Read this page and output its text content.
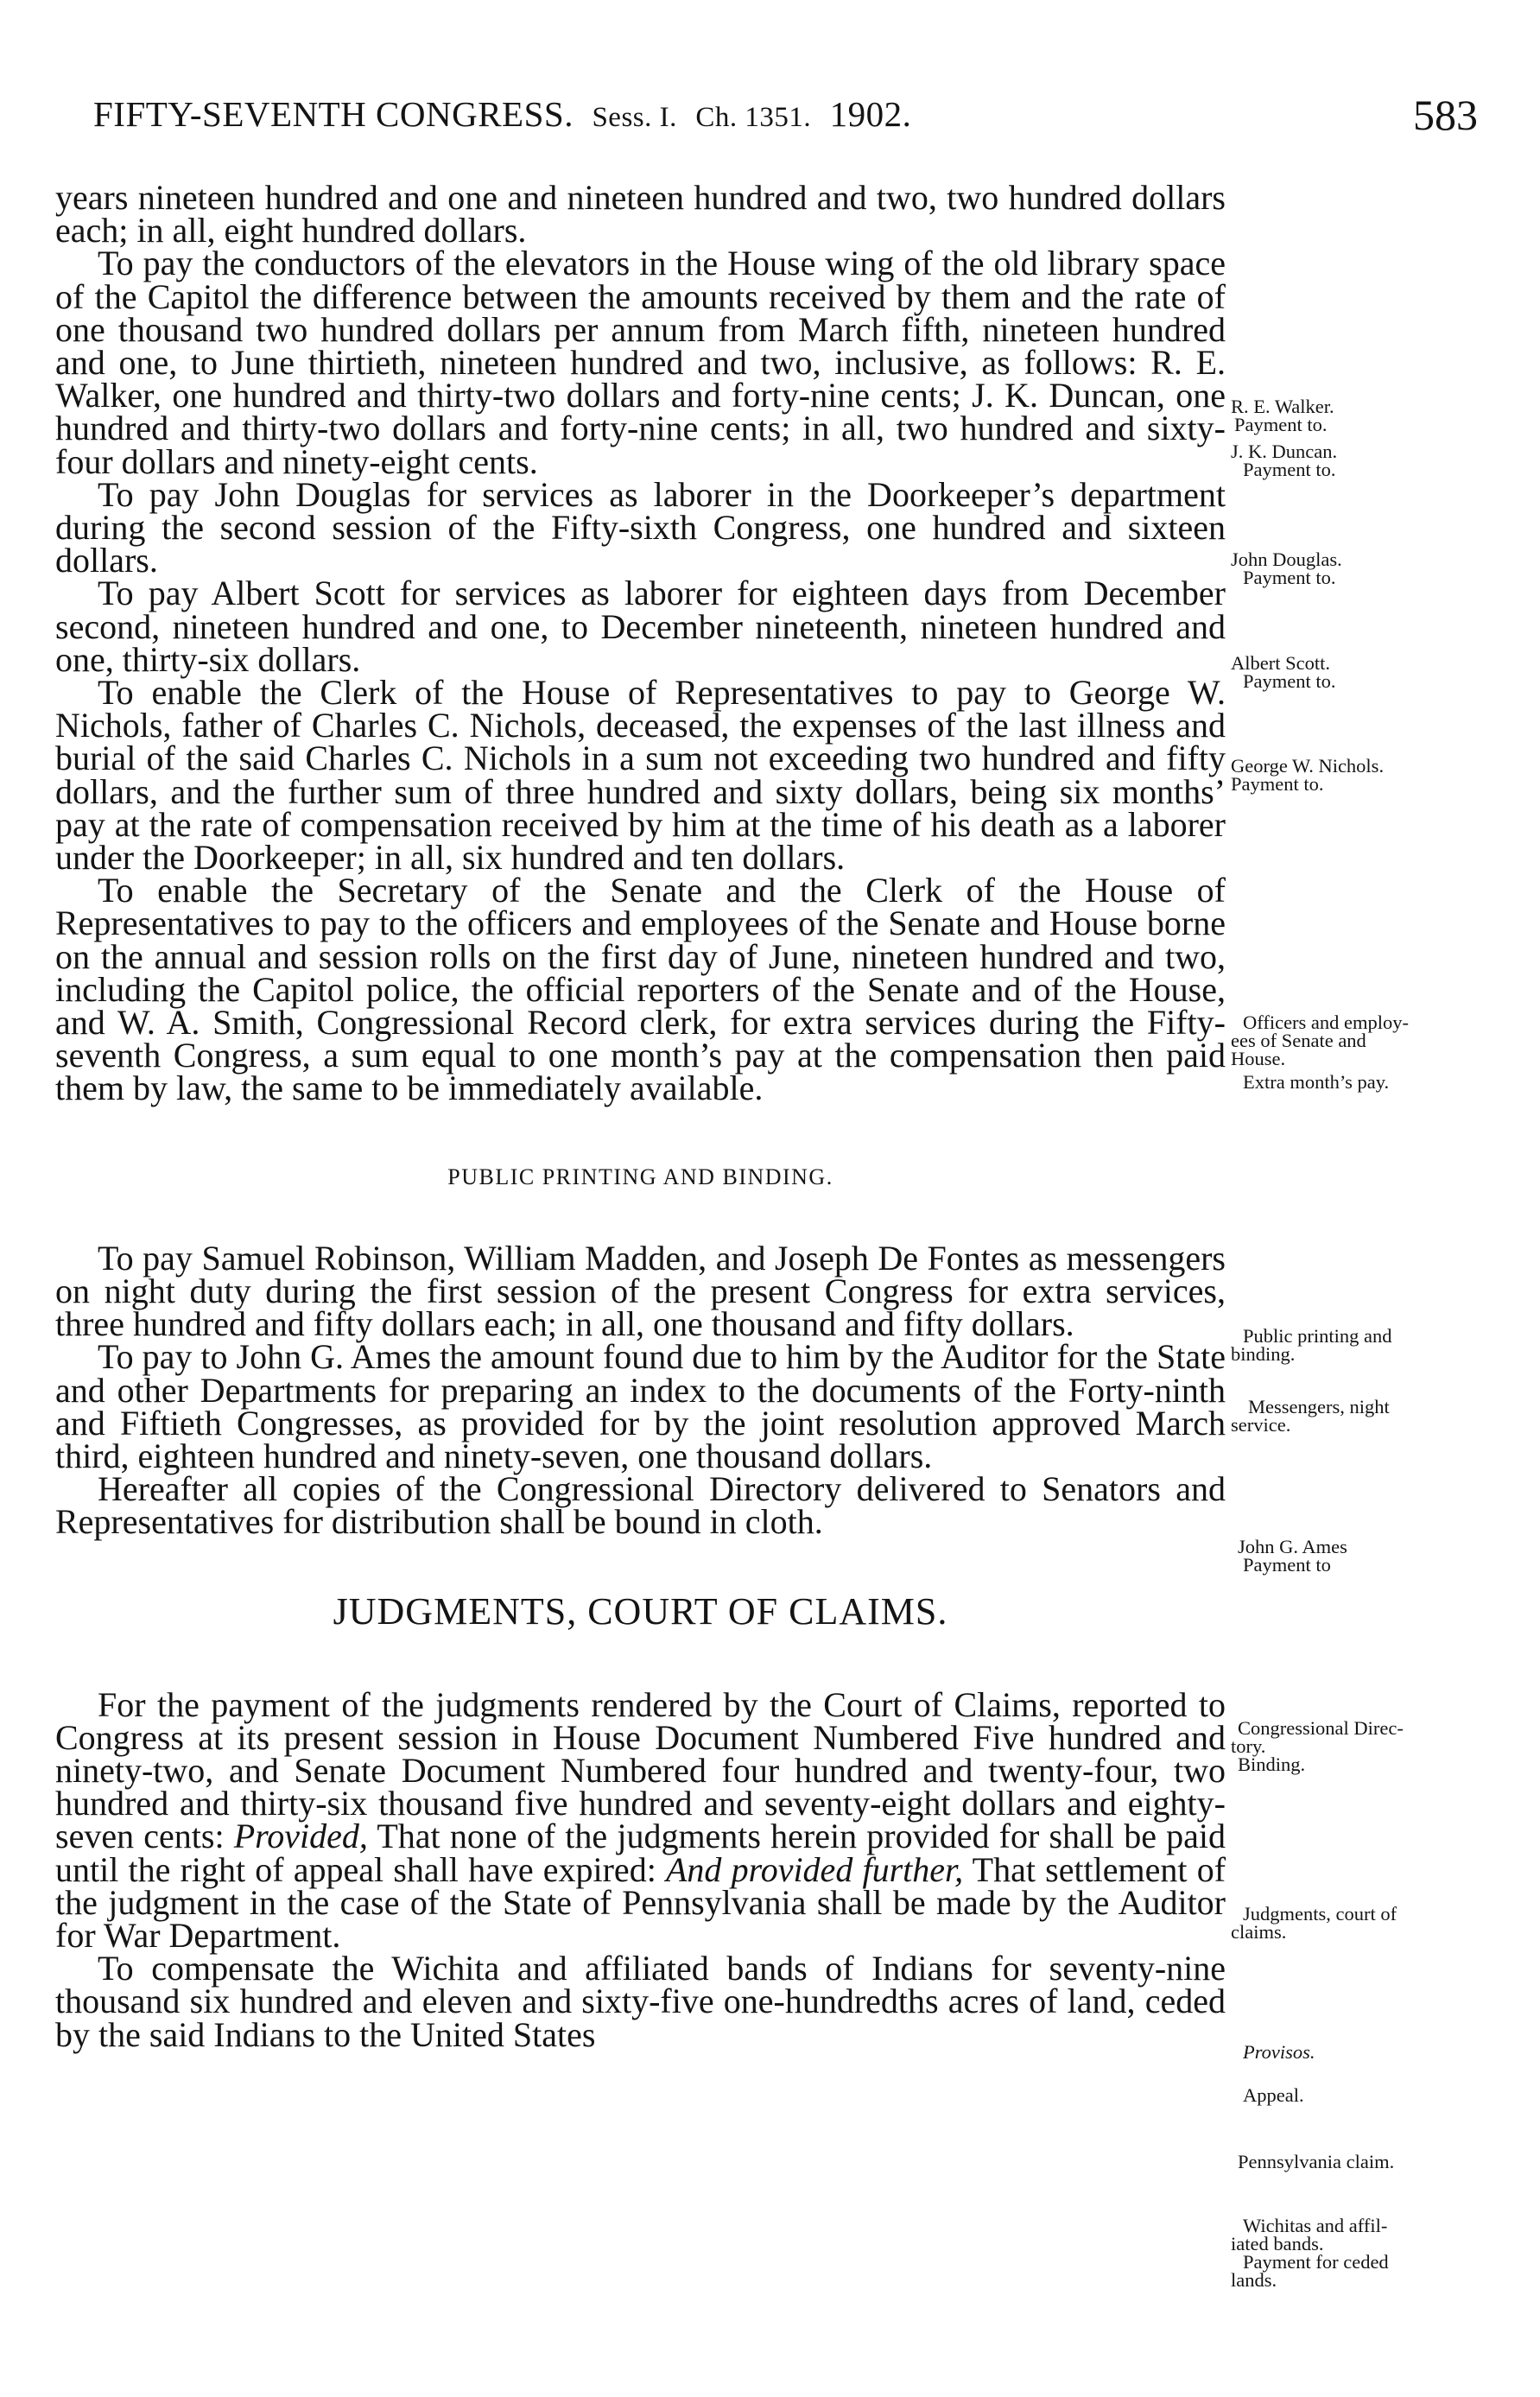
FIFTY-SEVENTH CONGRESS. Sess. I. Ch. 1351. 1902.	583

years nineteen hundred and one and nineteen hundred and two, two hundred dollars each; in all, eight hundred dollars.

To pay the conductors of the elevators in the House wing of the old library space of the Capitol the difference between the amounts received by them and the rate of one thousand two hundred dollars per annum from March fifth, nineteen hundred and one, to June thirtieth, nineteen hundred and two, inclusive, as follows: R. E. Walker, one hundred and thirty-two dollars and forty-nine cents; J. K. Duncan, one hundred and thirty-two dollars and forty-nine cents; in all, two hundred and sixty-four dollars and ninety-eight cents.

To pay John Douglas for services as laborer in the Doorkeeper’s department during the second session of the Fifty-sixth Congress, one hundred and sixteen dollars.

To pay Albert Scott for services as laborer for eighteen days from December second, nineteen hundred and one, to December nineteenth, nineteen hundred and one, thirty-six dollars.

To enable the Clerk of the House of Representatives to pay to George W. Nichols, father of Charles C. Nichols, deceased, the expenses of the last illness and burial of the said Charles C. Nichols in a sum not exceeding two hundred and fifty dollars, and the further sum of three hundred and sixty dollars, being six months’ pay at the rate of compensation received by him at the time of his death as a laborer under the Doorkeeper; in all, six hundred and ten dollars.

To enable the Secretary of the Senate and the Clerk of the House of Representatives to pay to the officers and employees of the Senate and House borne on the annual and session rolls on the first day of June, nineteen hundred and two, including the Capitol police, the official reporters of the Senate and of the House, and W. A. Smith, Congressional Record clerk, for extra services during the Fifty-seventh Congress, a sum equal to one month’s pay at the compensation then paid them by law, the same to be immediately available.

PUBLIC PRINTING AND BINDING.

To pay Samuel Robinson, William Madden, and Joseph De Fontes as messengers on night duty during the first session of the present Congress for extra services, three hundred and fifty dollars each; in all, one thousand and fifty dollars.

To pay to John G. Ames the amount found due to him by the Auditor for the State and other Departments for preparing an index to the documents of the Forty-ninth and Fiftieth Congresses, as provided for by the joint resolution approved March third, eighteen hundred and ninety-seven, one thousand dollars.

Hereafter all copies of the Congressional Directory delivered to Senators and Representatives for distribution shall be bound in cloth.

JUDGMENTS, COURT OF CLAIMS.

For the payment of the judgments rendered by the Court of Claims, reported to Congress at its present session in House Document Numbered Five hundred and ninety-two, and Senate Document Numbered four hundred and twenty-four, two hundred and thirty-six thousand five hundred and seventy-eight dollars and eighty-seven cents: Provided, That none of the judgments herein provided for shall be paid until the right of appeal shall have expired: And provided further, That settlement of the judgment in the case of the State of Pennsylvania shall be made by the Auditor for War Department.

To compensate the Wichita and affiliated bands of Indians for seventy-nine thousand six hundred and eleven and sixty-five one-hundredths acres of land, ceded by the said Indians to the United States

R. E. Walker.
Payment to.
J. K. Duncan.
Payment to.
John Douglas.
Payment to.
Albert Scott.
Payment to.
George W. Nichols.
Payment to.
Officers and employ-
ees of Senate and
House.
Extra month’s pay.
Public printing and
binding.
Messengers, night
service.
John G. Ames
Payment to
Congressional Direc-
tory.
Binding.
Judgments, court of
claims.
Provisos.
Appeal.
Pennsylvania claim.
Wichitas and affil-
iated bands.
Payment for ceded
lands.
